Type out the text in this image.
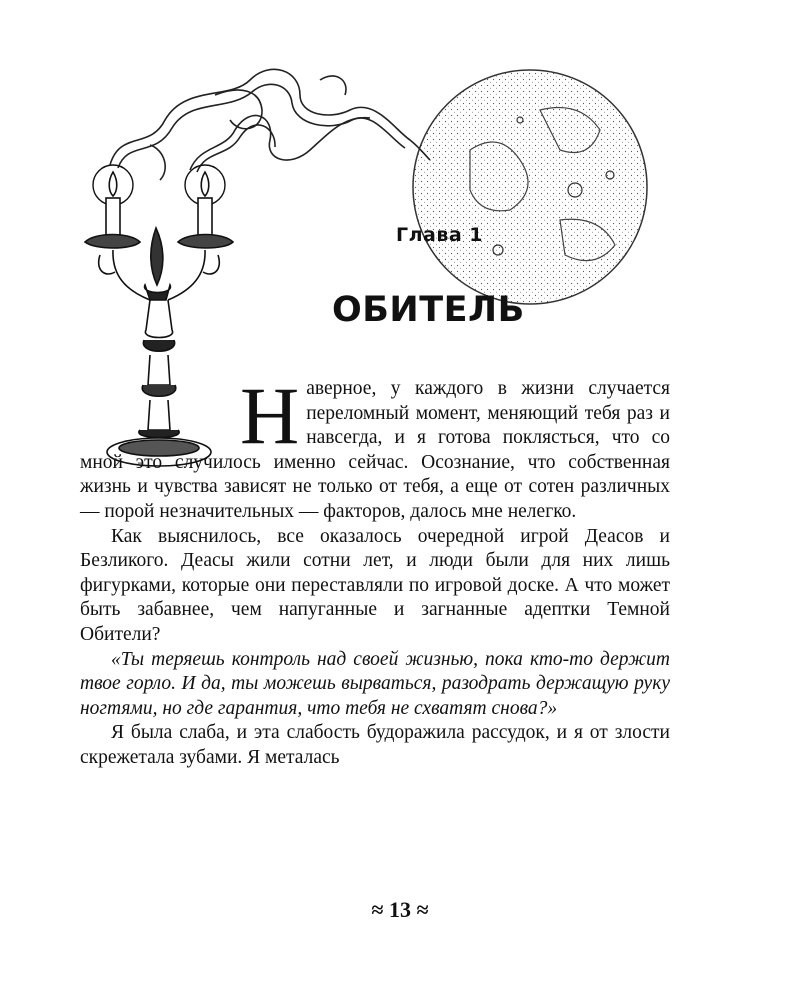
Глава 1
ОБИТЕЛЬ

Наверное, у каждого в жизни случается переломный момент, меняющий тебя раз и навсегда, и я готова поклясться, что со мной это случилось именно сейчас. Осознание, что собственная жизнь и чувства зависят не только от тебя, а еще от сотен различных — порой незначительных — факторов, далось мне нелегко.

Как выяснилось, все оказалось очередной игрой Деасов и Безликого. Деасы жили сотни лет, и люди были для них лишь фигурками, которые они переставляли по игровой доске. А что может быть забавнее, чем напуганные и загнанные адептки Темной Обители?

«Ты теряешь контроль над своей жизнью, пока кто-то держит твое горло. И да, ты можешь вырваться, разодрать держащую руку ногтями, но где гарантия, что тебя не схватят снова?»

Я была слаба, и эта слабость будоражила рассудок, и я от злости скрежетала зубами. Я металась

≈ 13 ≈
